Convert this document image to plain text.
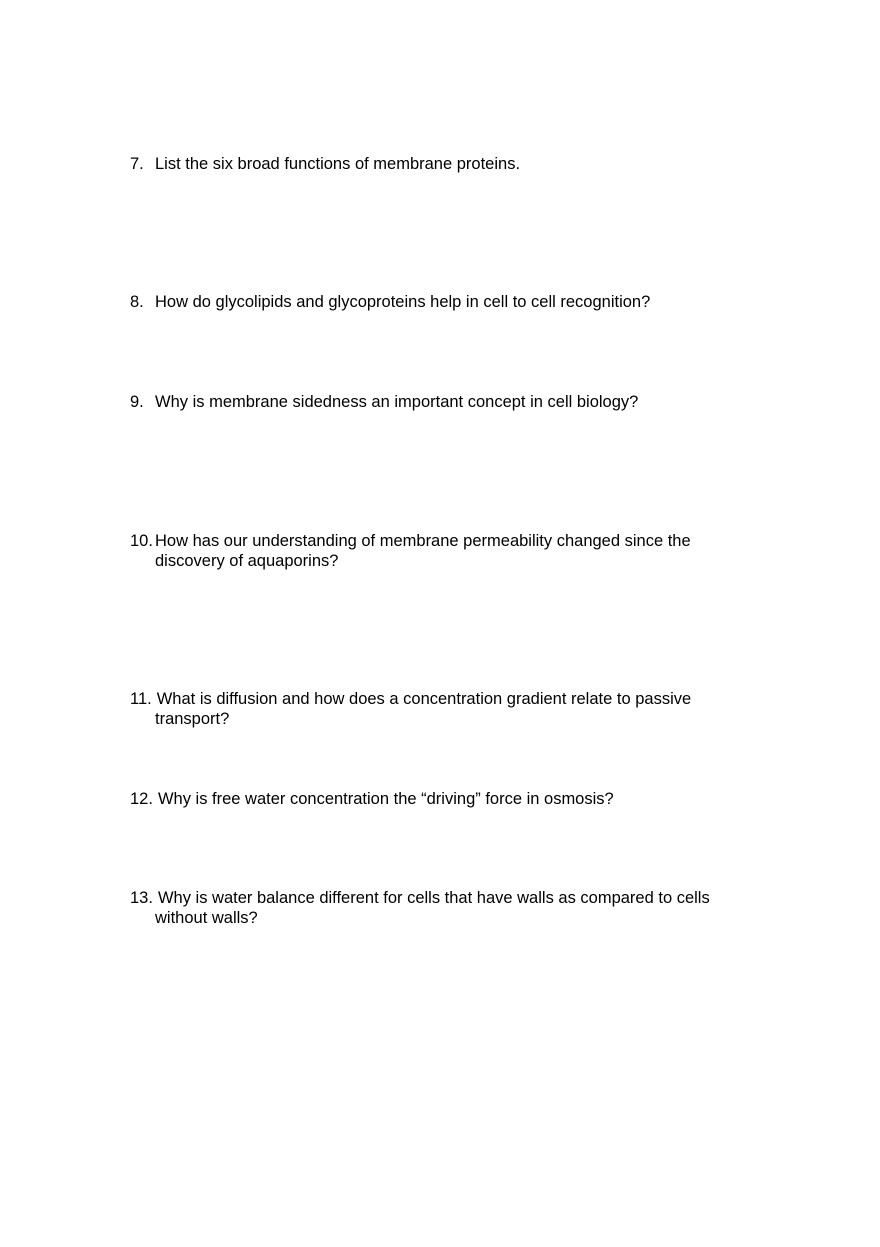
7. List the six broad functions of membrane proteins.
8. How do glycolipids and glycoproteins help in cell to cell recognition?
9. Why is membrane sidedness an important concept in cell biology?
10. How has our understanding of membrane permeability changed since the
discovery of aquaporins?
11. What is diffusion and how does a concentration gradient relate to passive
transport?
12. Why is free water concentration the “driving” force in osmosis?
13. Why is water balance different for cells that have walls as compared to cells
without walls?
